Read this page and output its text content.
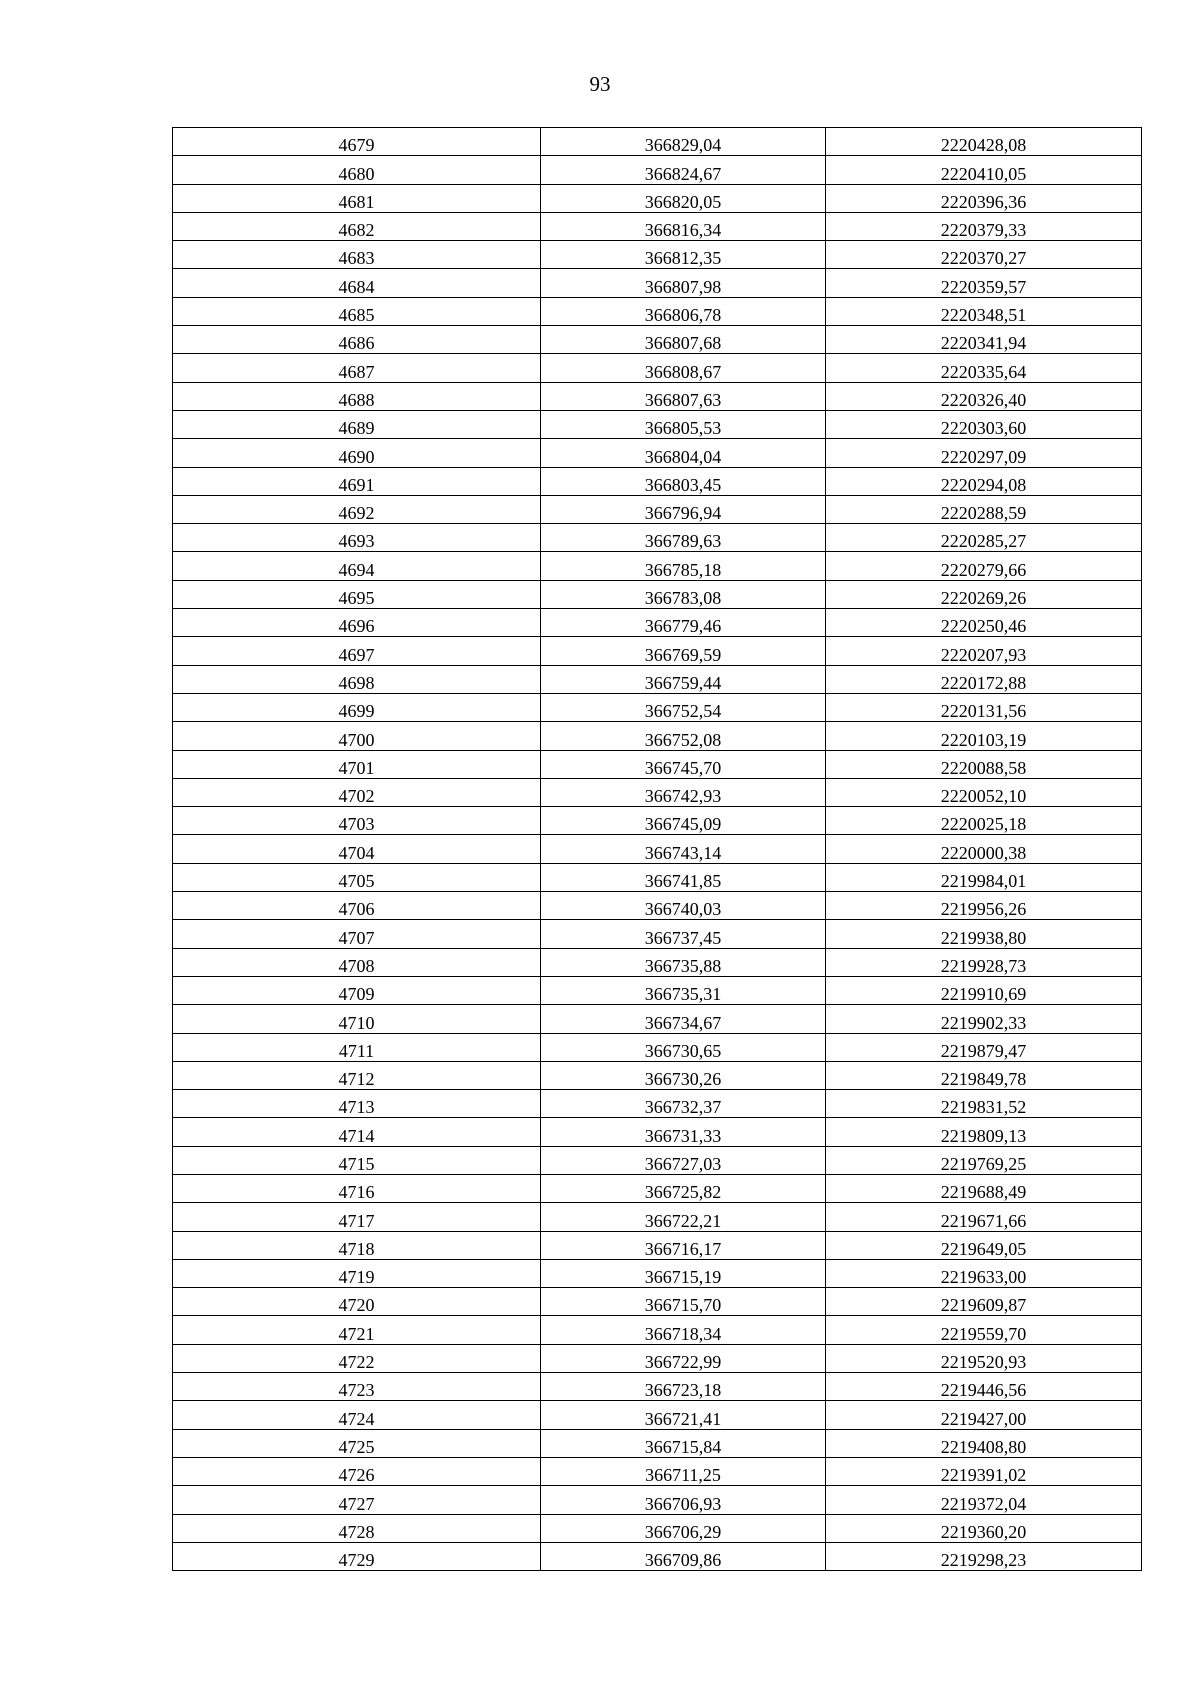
93
4679	366829,04	2220428,08
4680	366824,67	2220410,05
4681	366820,05	2220396,36
4682	366816,34	2220379,33
4683	366812,35	2220370,27
4684	366807,98	2220359,57
4685	366806,78	2220348,51
4686	366807,68	2220341,94
4687	366808,67	2220335,64
4688	366807,63	2220326,40
4689	366805,53	2220303,60
4690	366804,04	2220297,09
4691	366803,45	2220294,08
4692	366796,94	2220288,59
4693	366789,63	2220285,27
4694	366785,18	2220279,66
4695	366783,08	2220269,26
4696	366779,46	2220250,46
4697	366769,59	2220207,93
4698	366759,44	2220172,88
4699	366752,54	2220131,56
4700	366752,08	2220103,19
4701	366745,70	2220088,58
4702	366742,93	2220052,10
4703	366745,09	2220025,18
4704	366743,14	2220000,38
4705	366741,85	2219984,01
4706	366740,03	2219956,26
4707	366737,45	2219938,80
4708	366735,88	2219928,73
4709	366735,31	2219910,69
4710	366734,67	2219902,33
4711	366730,65	2219879,47
4712	366730,26	2219849,78
4713	366732,37	2219831,52
4714	366731,33	2219809,13
4715	366727,03	2219769,25
4716	366725,82	2219688,49
4717	366722,21	2219671,66
4718	366716,17	2219649,05
4719	366715,19	2219633,00
4720	366715,70	2219609,87
4721	366718,34	2219559,70
4722	366722,99	2219520,93
4723	366723,18	2219446,56
4724	366721,41	2219427,00
4725	366715,84	2219408,80
4726	366711,25	2219391,02
4727	366706,93	2219372,04
4728	366706,29	2219360,20
4729	366709,86	2219298,23
